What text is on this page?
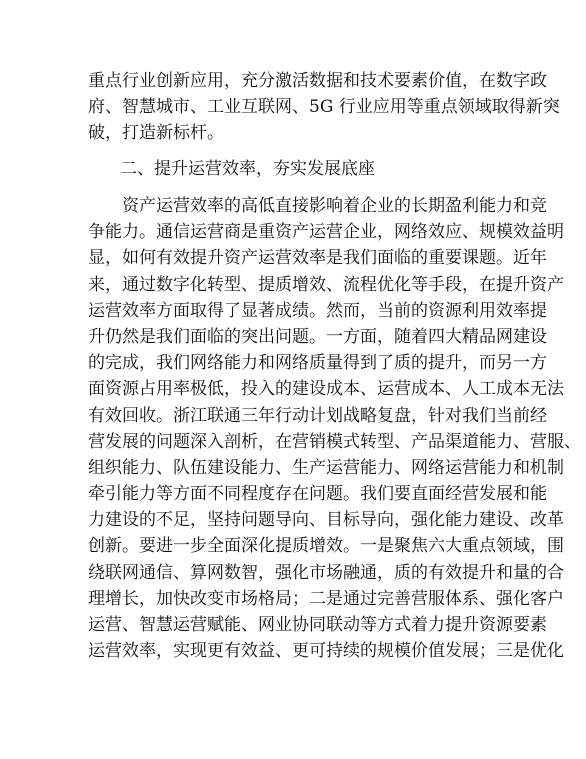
重点行业创新应用，充分激活数据和技术要素价值，在数字政
府、智慧城市、工业互联网、5G 行业应用等重点领域取得新突
破，打造新标杆。
二、提升运营效率，夯实发展底座
资产运营效率的高低直接影响着企业的长期盈利能力和竞
争能力。通信运营商是重资产运营企业，网络效应、规模效益明
显，如何有效提升资产运营效率是我们面临的重要课题。近年
来，通过数字化转型、提质增效、流程优化等手段，在提升资产
运营效率方面取得了显著成绩。然而，当前的资源利用效率提
升仍然是我们面临的突出问题。一方面，随着四大精品网建设
的完成，我们网络能力和网络质量得到了质的提升，而另一方
面资源占用率极低，投入的建设成本、运营成本、人工成本无法
有效回收。浙江联通三年行动计划战略复盘，针对我们当前经
营发展的问题深入剖析，在营销模式转型、产品渠道能力、营服、
组织能力、队伍建设能力、生产运营能力、网络运营能力和机制
牵引能力等方面不同程度存在问题。我们要直面经营发展和能
力建设的不足，坚持问题导向、目标导向，强化能力建设、改革
创新。要进一步全面深化提质增效。一是聚焦六大重点领域，围
绕联网通信、算网数智，强化市场融通，质的有效提升和量的合
理增长，加快改变市场格局；二是通过完善营服体系、强化客户
运营、智慧运营赋能、网业协同联动等方式着力提升资源要素
运营效率，实现更有效益、更可持续的规模价值发展；三是优化
